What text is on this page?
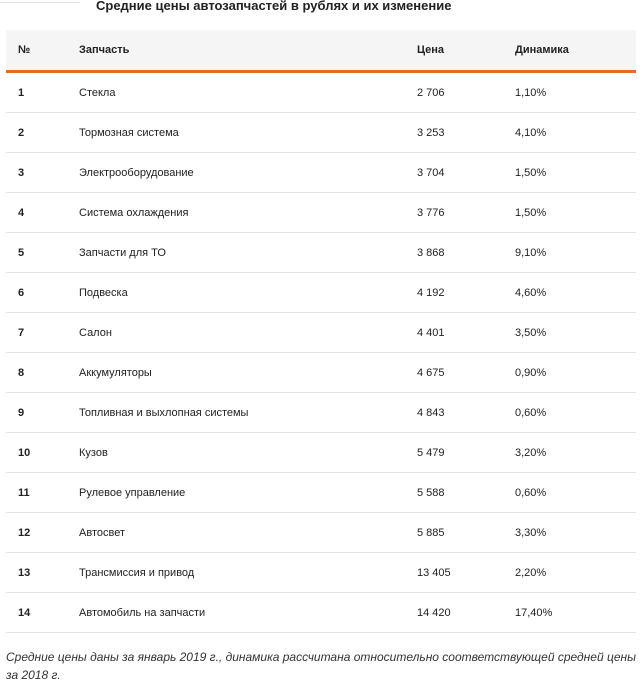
Средние цены автозапчастей в рублях и их изменение
№	Запчасть	Цена	Динамика
1	Стекла	2 706	1,10%
2	Тормозная система	3 253	4,10%
3	Электрооборудование	3 704	1,50%
4	Система охлаждения	3 776	1,50%
5	Запчасти для ТО	3 868	9,10%
6	Подвеска	4 192	4,60%
7	Салон	4 401	3,50%
8	Аккумуляторы	4 675	0,90%
9	Топливная и выхлопная системы	4 843	0,60%
10	Кузов	5 479	3,20%
11	Рулевое управление	5 588	0,60%
12	Автосвет	5 885	3,30%
13	Трансмиссия и привод	13 405	2,20%
14	Автомобиль на запчасти	14 420	17,40%
Средние цены даны за январь 2019 г., динамика рассчитана относительно соответствующей средней цены за 2018 г.
